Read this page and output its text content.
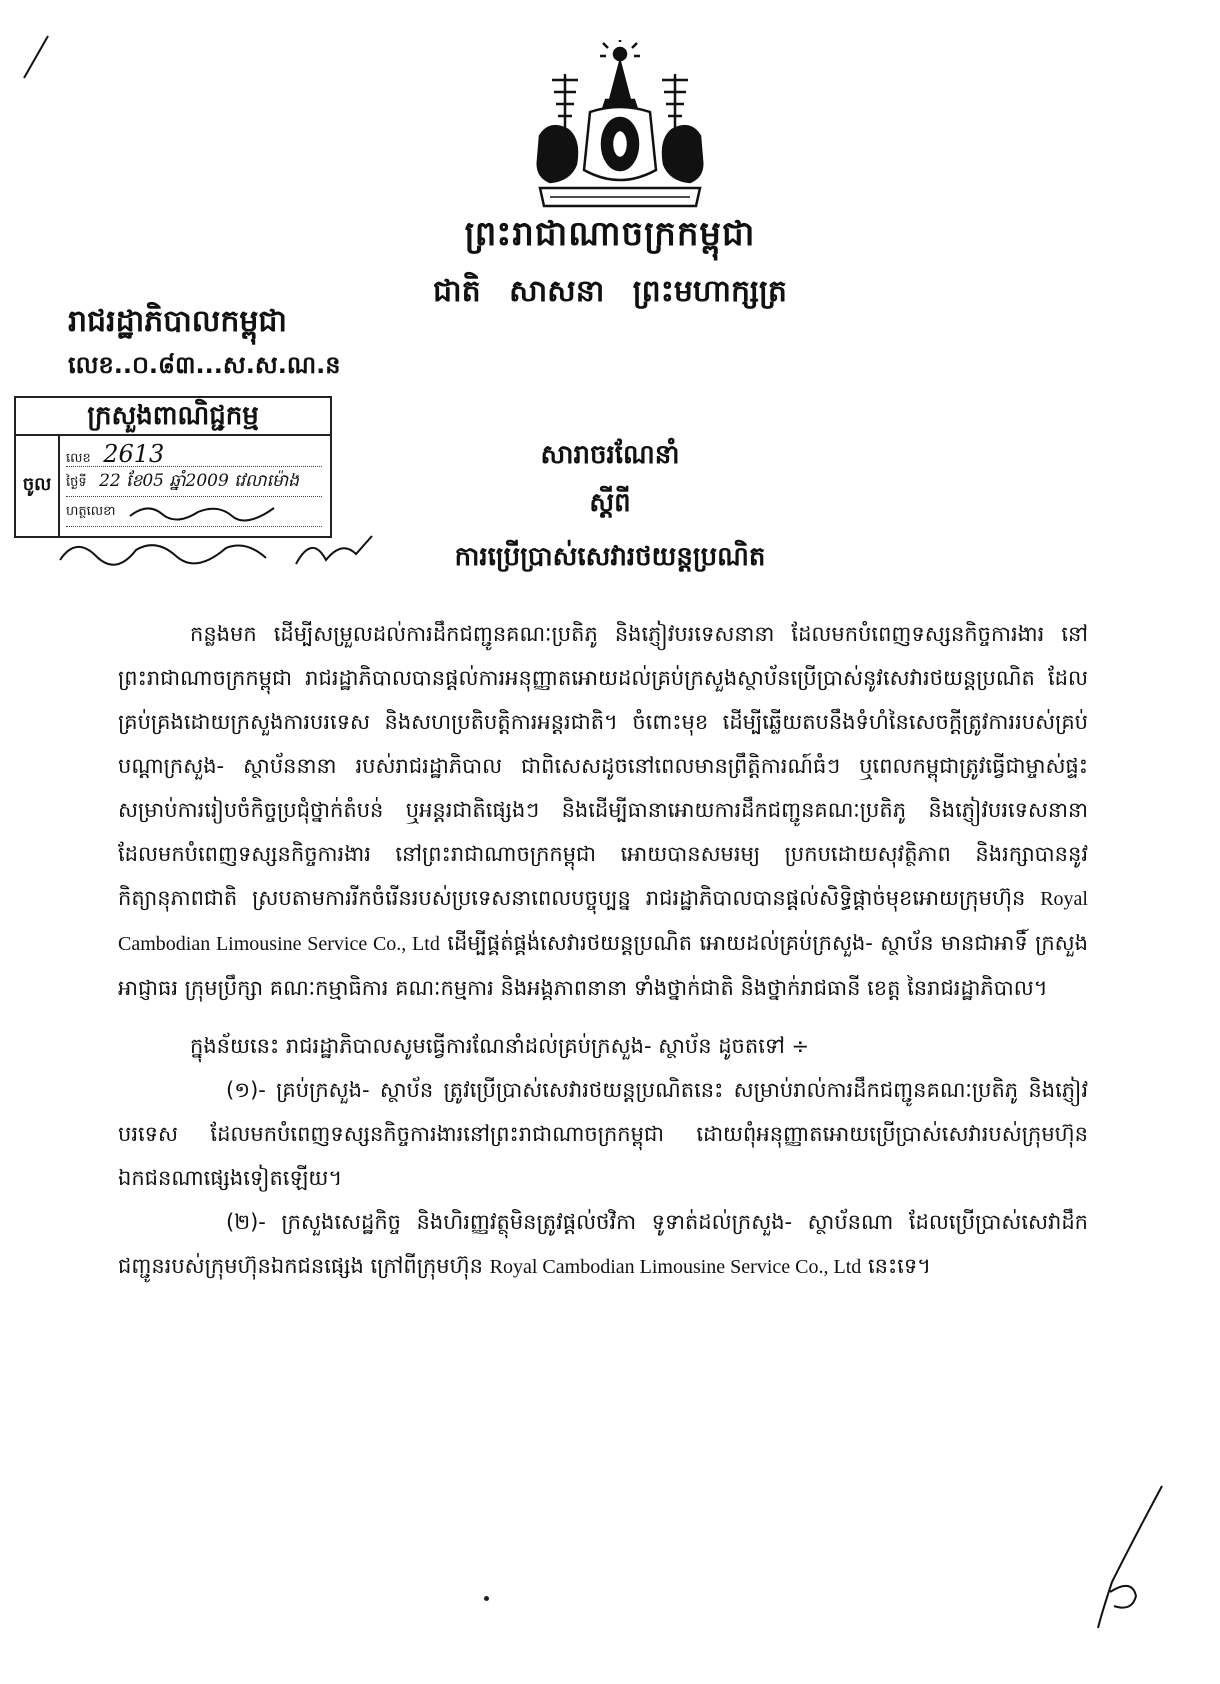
ព្រះរាជាណាចក្រកម្ពុជា
ជាតិ សាសនា ព្រះមហាក្សត្រ
រាជរដ្ឋាភិបាលកម្ពុជា
លេខ..០.៨៣...ស.ស.ណ.ន
ក្រសួងពាណិជ្ជកម្ម
ចូល
លេខ 2613
ថ្ងៃទី 22 ខែ05 ឆ្នាំ2009 វេលាម៉ោង
ហត្ថលេខា
សារាចរណែនាំ
ស្តីពី
ការប្រើប្រាស់សេវារថយន្តប្រណិត

កន្លងមក ដើម្បីសម្រួលដល់ការដឹកជញ្ជូនគណៈប្រតិភូ និងភ្ញៀវបរទេសនានា ដែលមកបំពេញទស្សនកិច្ចការងារ នៅព្រះរាជាណាចក្រកម្ពុជា រាជរដ្ឋាភិបាលបានផ្តល់ការអនុញ្ញាតអោយដល់គ្រប់ក្រសួងស្ថាប័នប្រើប្រាស់នូវសេវារថយន្តប្រណិត ដែលគ្រប់គ្រងដោយក្រសួងការបរទេស និងសហប្រតិបត្តិការអន្តរជាតិ។ ចំពោះមុខ ដើម្បីឆ្លើយតបនឹងទំហំនៃសេចក្តីត្រូវការរបស់គ្រប់បណ្តាក្រសួង- ស្ថាប័ននានា របស់រាជរដ្ឋាភិបាល ជាពិសេសដូចនៅពេលមានព្រឹត្តិការណ៍ធំៗ ឬពេលកម្ពុជាត្រូវធ្វើជាម្ចាស់ផ្ទះសម្រាប់ការរៀបចំកិច្ចប្រជុំថ្នាក់តំបន់ ឬអន្តរជាតិផ្សេងៗ និងដើម្បីធានាអោយការដឹកជញ្ជូនគណៈប្រតិភូ និងភ្ញៀវបរទេសនានា ដែលមកបំពេញទស្សនកិច្ចការងារ នៅព្រះរាជាណាចក្រកម្ពុជា អោយបានសមរម្យ ប្រកបដោយសុវត្ថិភាព និងរក្សាបាននូវកិត្យានុភាពជាតិ ស្របតាមការរីកចំរើនរបស់ប្រទេសនាពេលបច្ចុប្បន្ន រាជរដ្ឋាភិបាលបានផ្តល់សិទ្ធិផ្តាច់មុខអោយក្រុមហ៊ុន Royal Cambodian Limousine Service Co., Ltd ដើម្បីផ្គត់ផ្គង់សេវារថយន្តប្រណិត អោយដល់គ្រប់ក្រសួង- ស្ថាប័ន មានជាអាទិ៍ ក្រសួង អាជ្ញាធរ ក្រុមប្រឹក្សា គណៈកម្មាធិការ គណៈកម្មការ និងអង្គភាពនានា ទាំងថ្នាក់ជាតិ និងថ្នាក់រាជធានី ខេត្ត នៃរាជរដ្ឋាភិបាល។

ក្នុងន័យនេះ រាជរដ្ឋាភិបាលសូមធ្វើការណែនាំដល់គ្រប់ក្រសួង- ស្ថាប័ន ដូចតទៅ ÷

(១)- គ្រប់ក្រសួង- ស្ថាប័ន ត្រូវប្រើប្រាស់សេវារថយន្តប្រណិតនេះ សម្រាប់រាល់ការដឹកជញ្ជូនគណៈប្រតិភូ និងភ្ញៀវបរទេស ដែលមកបំពេញទស្សនកិច្ចការងារនៅព្រះរាជាណាចក្រកម្ពុជា ដោយពុំអនុញ្ញាតអោយប្រើប្រាស់សេវារបស់ក្រុមហ៊ុនឯកជនណាផ្សេងទៀតឡើយ។

(២)- ក្រសួងសេដ្ឋកិច្ច និងហិរញ្ញវត្ថុមិនត្រូវផ្តល់ថវិកា ទូទាត់ដល់ក្រសួង- ស្ថាប័នណា ដែលប្រើប្រាស់សេវាដឹកជញ្ជូនរបស់ក្រុមហ៊ុនឯកជនផ្សេង ក្រៅពីក្រុមហ៊ុន Royal Cambodian Limousine Service Co., Ltd នេះទេ។
